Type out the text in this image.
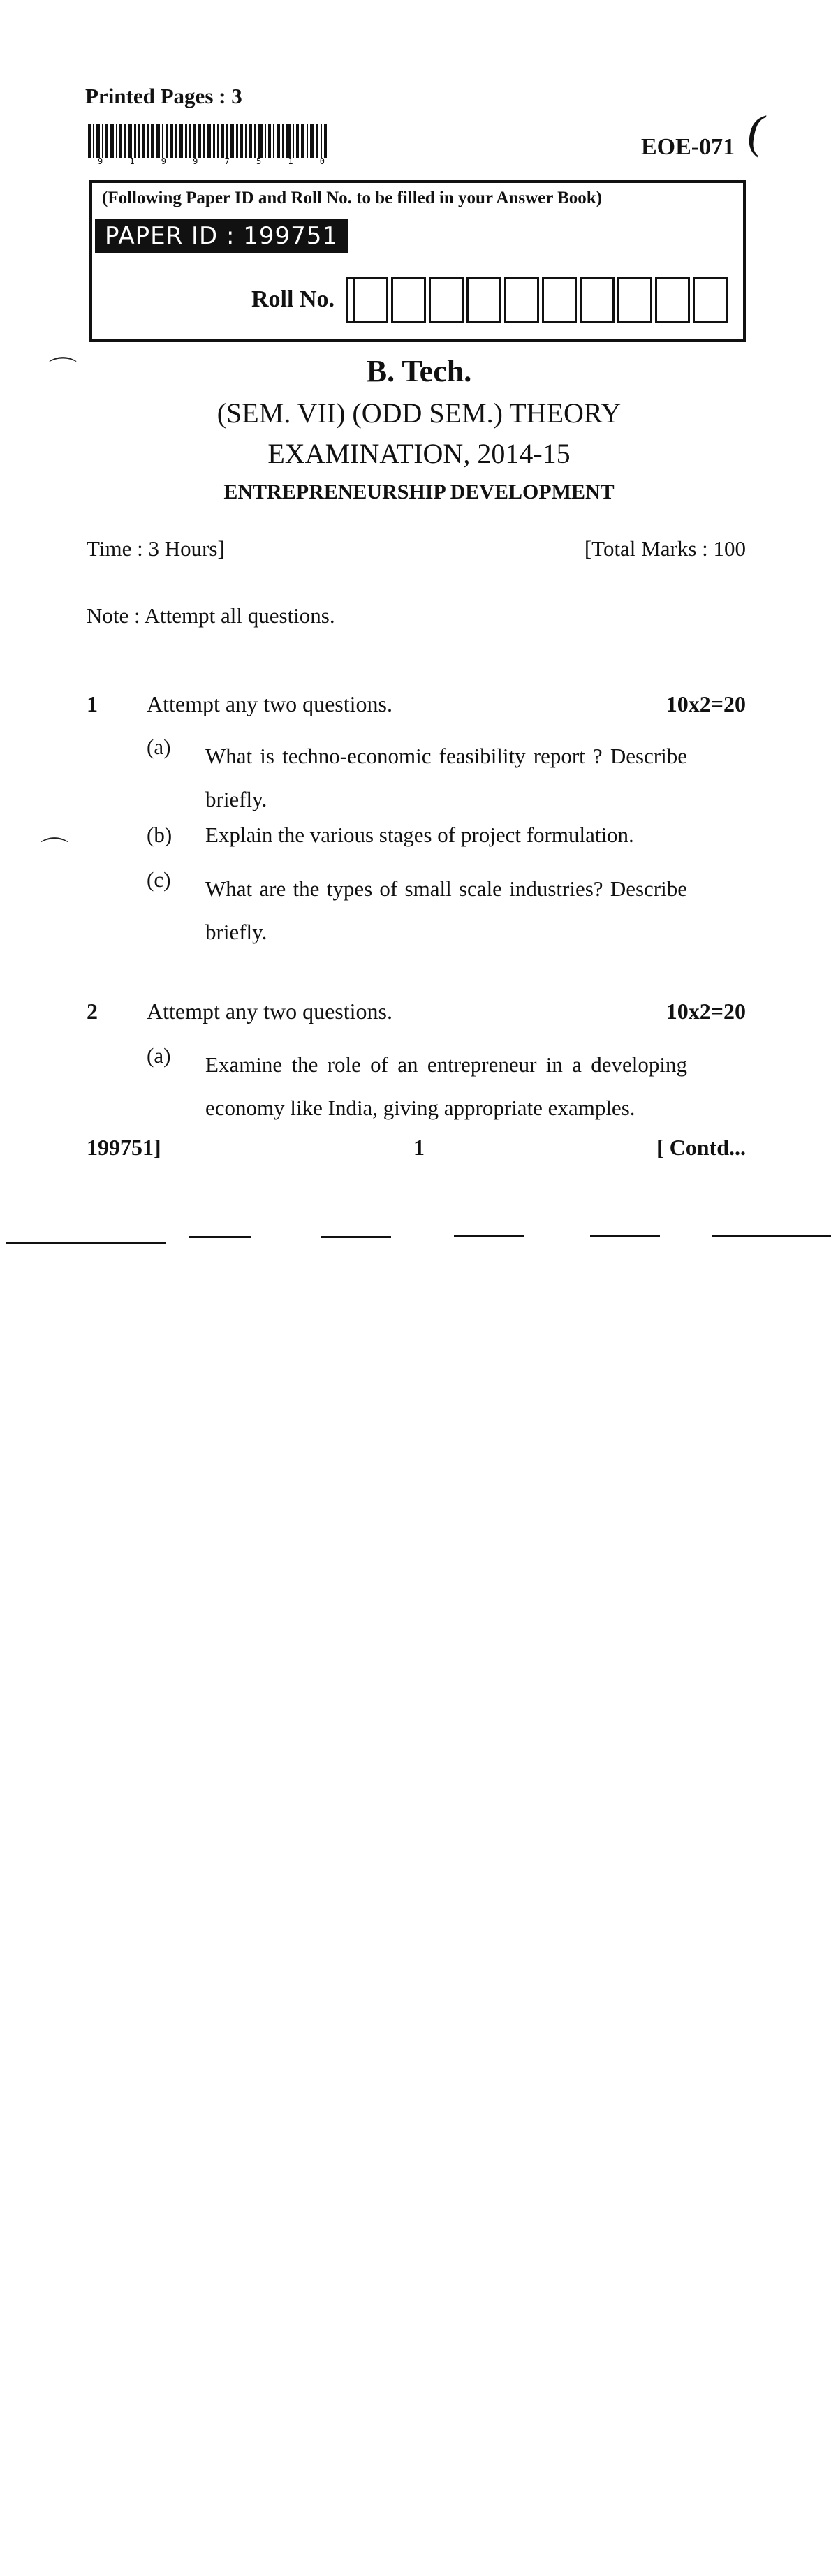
Printed Pages : 3
9	1	9	9	7	5	1	0
EOE-071 (
(Following Paper ID and Roll No. to be filled in your Answer Book)
PAPER ID : 199751
Roll No.
⌒
⌒
B. Tech.
(SEM. VII) (ODD SEM.) THEORY
EXAMINATION, 2014-15
ENTREPRENEURSHIP DEVELOPMENT
Time : 3 Hours]	[Total Marks : 100
Note : Attempt all questions.
1 Attempt any two questions.	10x2=20
(a) What is techno-economic feasibility report ? Describe briefly.
(b) Explain the various stages of project formulation.
(c) What are the types of small scale industries? Describe briefly.
2 Attempt any two questions.	10x2=20
(a) Examine the role of an entrepreneur in a developing economy like India, giving appropriate examples.
199751]	1	[ Contd...
